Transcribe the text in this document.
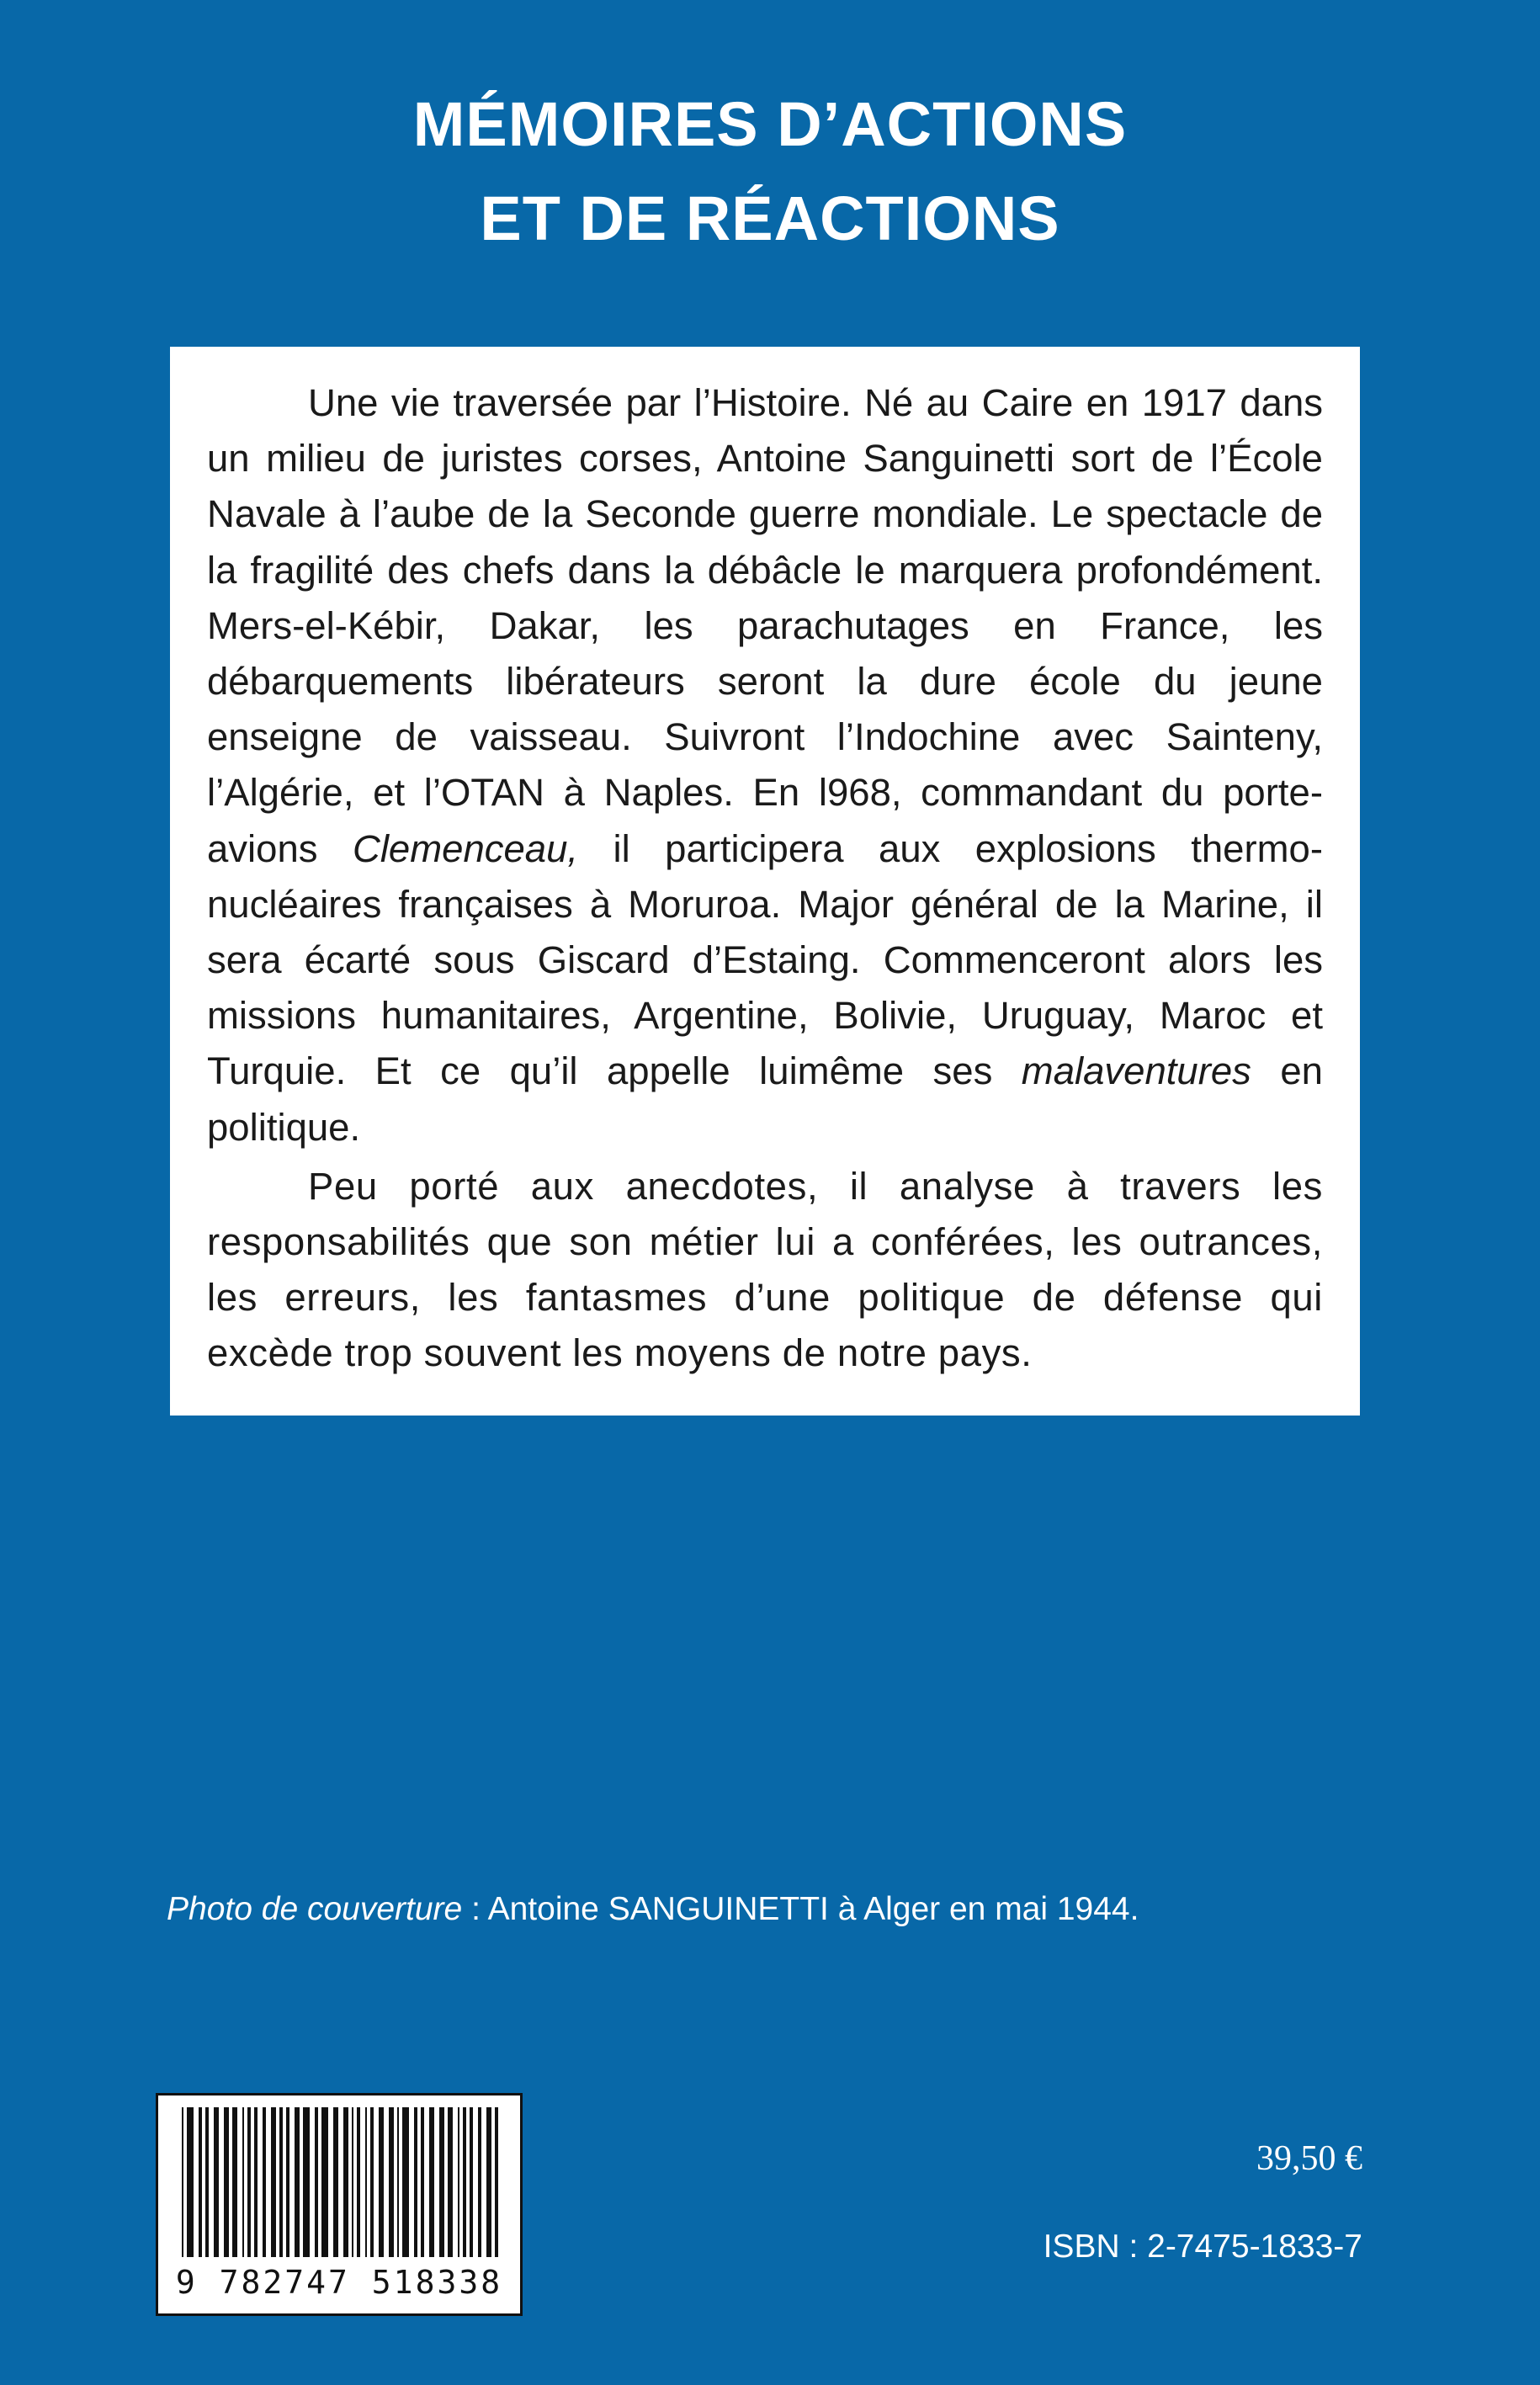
MÉMOIRES D’ACTIONS
ET DE RÉACTIONS

Une vie traversée par l’Histoire. Né au Caire en 1917 dans un milieu de juristes corses, Antoine Sanguinetti sort de l’École Navale à l’aube de la Seconde guerre mondiale. Le spectacle de la fragilité des chefs dans la débâcle le marquera profondément. Mers-el-Kébir, Dakar, les parachutages en France, les débarquements libérateurs seront la dure école du jeune enseigne de vaisseau. Suivront l’Indochine avec Sainteny, l’Algérie, et l’OTAN à Naples. En l968, commandant du porte-avions Clemenceau, il participera aux explosions thermo-nucléaires françaises à Moruroa. Major général de la Marine, il sera écarté sous Giscard d’Estaing. Commenceront alors les missions humanitaires, Argentine, Bolivie, Uruguay, Maroc et Turquie. Et ce qu’il appelle luimême ses malaventures en politique.

Peu porté aux anecdotes, il analyse à travers les responsabilités que son métier lui a conférées, les outrances, les erreurs, les fantasmes d’une politique de défense qui excède trop souvent les moyens de notre pays.

Photo de couverture : Antoine SANGUINETTI à Alger en mai 1944.
9 782747 518338
39,50 €
ISBN : 2-7475-1833-7
